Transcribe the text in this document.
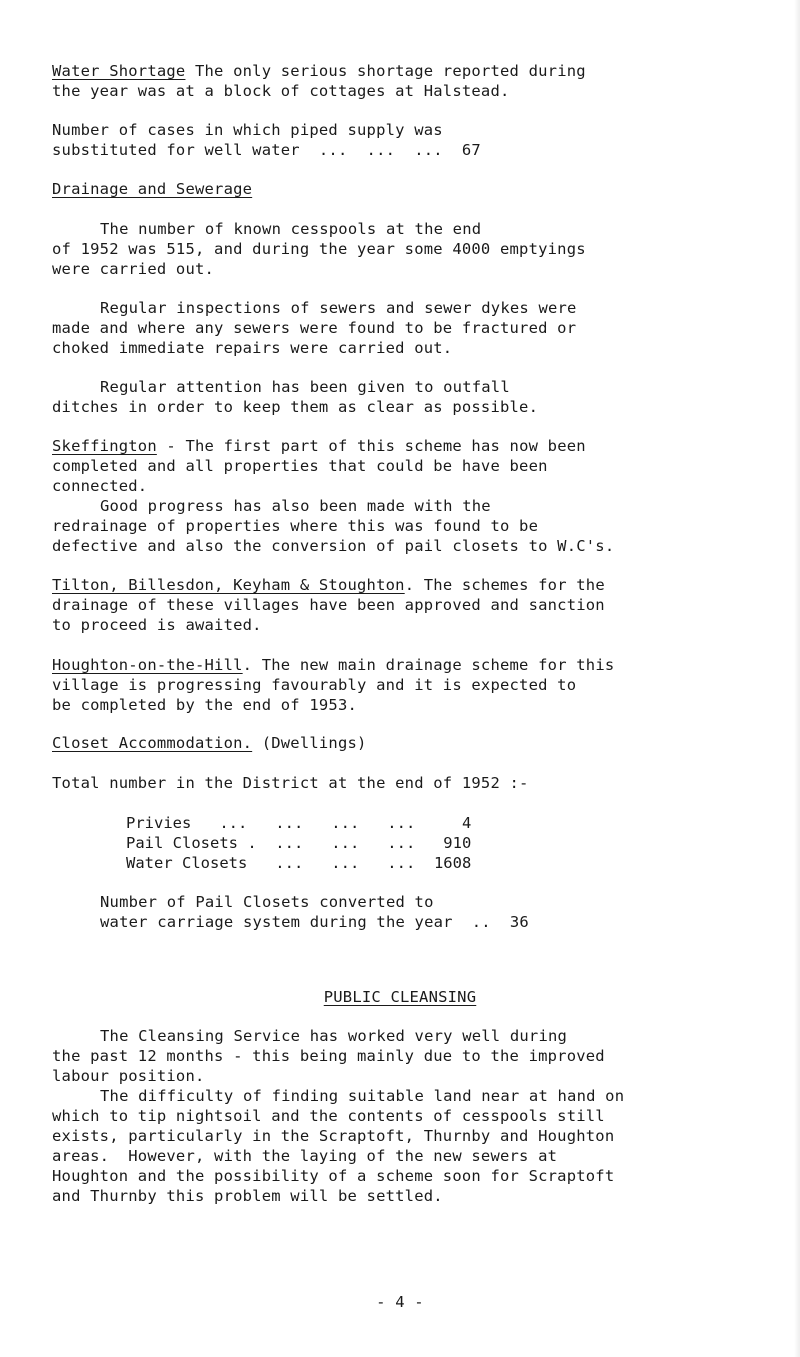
Water Shortage The only serious shortage reported during
the year was at a block of cottages at Halstead.
Number of cases in which piped supply was
substituted for well water  ...  ...  ...  67
Drainage and Sewerage
The number of known cesspools at the end
of 1952 was 515, and during the year some 4000 emptyings
were carried out.
Regular inspections of sewers and sewer dykes were
made and where any sewers were found to be fractured or
choked immediate repairs were carried out.
Regular attention has been given to outfall
ditches in order to keep them as clear as possible.
Skeffington - The first part of this scheme has now been
completed and all properties that could be have been
connected.
Good progress has also been made with the
redrainage of properties where this was found to be
defective and also the conversion of pail closets to W.C's.
Tilton, Billesdon, Keyham & Stoughton. The schemes for the
drainage of these villages have been approved and sanction
to proceed is awaited.
Houghton-on-the-Hill. The new main drainage scheme for this
village is progressing favourably and it is expected to
be completed by the end of 1953.
Closet Accommodation. (Dwellings)
Total number in the District at the end of 1952 :-
Privies   ...   ...   ...   ...	4
Pail Closets .  ...   ...   ... 910
Water Closets   ...   ...   ... 1608
Number of Pail Closets converted to
water carriage system during the year  ..  36
PUBLIC CLEANSING
The Cleansing Service has worked very well during
the past 12 months - this being mainly due to the improved
labour position.
The difficulty of finding suitable land near at hand on
which to tip nightsoil and the contents of cesspools still
exists, particularly in the Scraptoft, Thurnby and Houghton
areas.  However, with the laying of the new sewers at
Houghton and the possibility of a scheme soon for Scraptoft
and Thurnby this problem will be settled.
- 4 -
